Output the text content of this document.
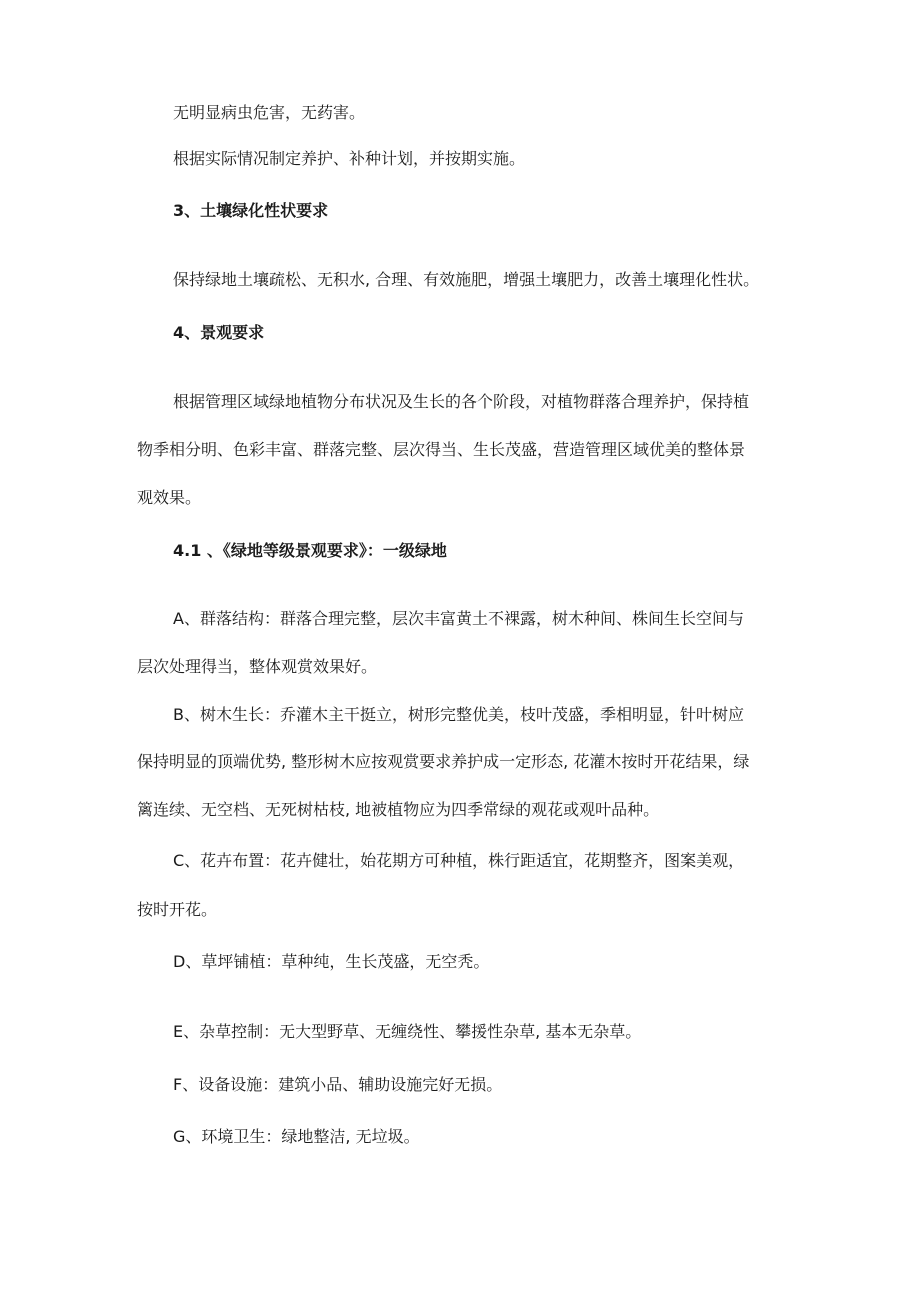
无明显病虫危害，无药害。
根据实际情况制定养护、补种计划，并按期实施。
3、土壤绿化性状要求
保持绿地土壤疏松、无积水, 合理、有效施肥，增强土壤肥力，改善土壤理化性状。
4、景观要求
根据管理区域绿地植物分布状况及生长的各个阶段，对植物群落合理养护，保持植
物季相分明、色彩丰富、群落完整、层次得当、生长茂盛，营造管理区域优美的整体景
观效果。
4.1 、《绿地等级景观要求》：一级绿地
A、群落结构：群落合理完整，层次丰富黄土不裸露，树木种间、株间生长空间与
层次处理得当，整体观赏效果好。
B、树木生长：乔灌木主干挺立，树形完整优美，枝叶茂盛，季相明显，针叶树应
保持明显的顶端优势, 整形树木应按观赏要求养护成一定形态, 花灌木按时开花结果，绿
篱连续、无空档、无死树枯枝, 地被植物应为四季常绿的观花或观叶品种。
C、花卉布置：花卉健壮，始花期方可种植，株行距适宜，花期整齐，图案美观，
按时开花。
D、草坪铺植：草种纯，生长茂盛，无空秃。
E、杂草控制：无大型野草、无缠绕性、攀援性杂草, 基本无杂草。
F、设备设施：建筑小品、辅助设施完好无损。
G、环境卫生：绿地整洁, 无垃圾。
